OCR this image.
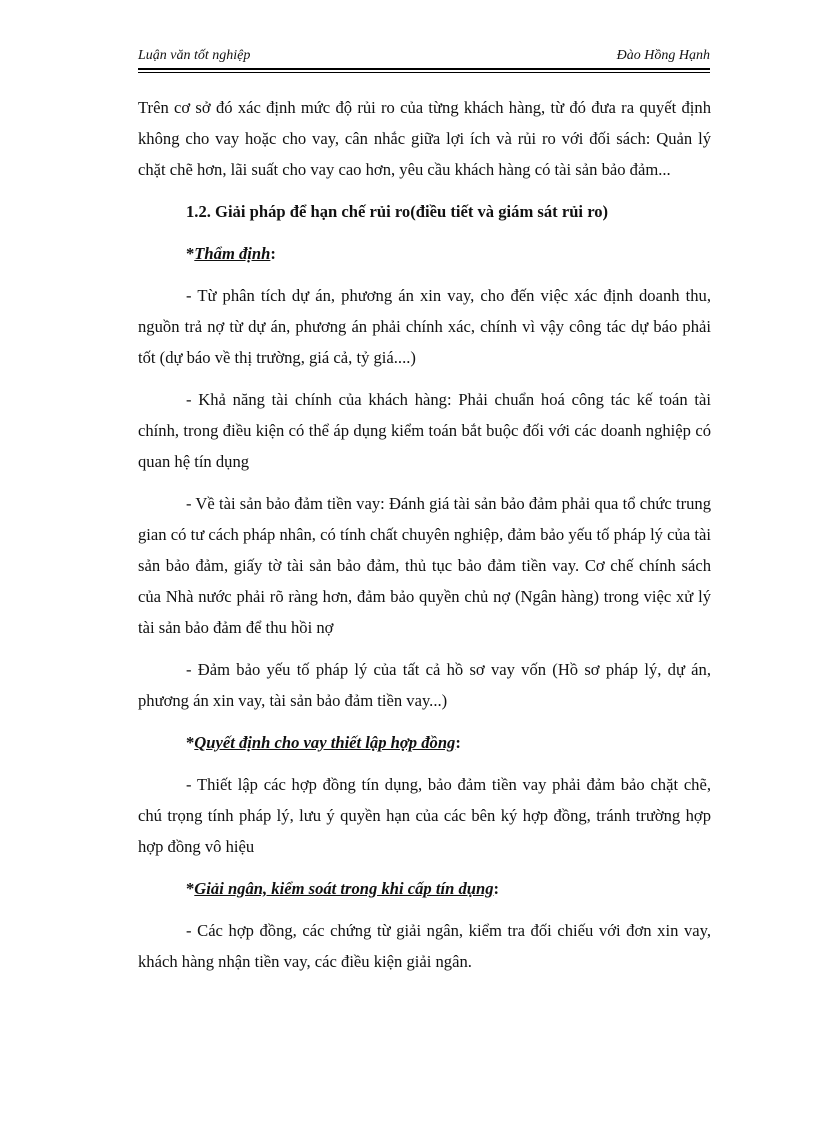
Luận văn tốt nghiệp	Đào Hồng Hạnh

Trên cơ sở đó xác định mức độ rủi ro của từng khách hàng, từ đó đưa ra quyết định không cho vay hoặc cho vay, cân nhắc giữa lợi ích và rủi ro với đối sách: Quản lý chặt chẽ hơn, lãi suất cho vay cao hơn, yêu cầu khách hàng có tài sản bảo đảm...

1.2. Giải pháp để hạn chế rủi ro(điều tiết và giám sát rủi ro)

*Thẩm định:

- Từ phân tích dự án, phương án xin vay, cho đến việc xác định doanh thu, nguồn trả nợ từ dự án, phương án phải chính xác, chính vì vậy công tác dự báo phải tốt (dự báo về thị trường, giá cả, tỷ giá....)

- Khả năng tài chính của khách hàng: Phải chuẩn hoá công tác kế toán tài chính, trong điều kiện có thể áp dụng kiểm toán bắt buộc đối với các doanh nghiệp có quan hệ tín dụng

- Về tài sản bảo đảm tiền vay: Đánh giá tài sản bảo đảm phải qua tổ chức trung gian có tư cách pháp nhân, có tính chất chuyên nghiệp, đảm bảo yếu tố pháp lý của tài sản bảo đảm, giấy tờ tài sản bảo đảm, thủ tục bảo đảm tiền vay. Cơ chế chính sách của Nhà nước phải rõ ràng hơn, đảm bảo quyền chủ nợ (Ngân hàng) trong việc xử lý tài sản bảo đảm để thu hồi nợ

- Đảm bảo yếu tố pháp lý của tất cả hồ sơ vay vốn (Hồ sơ pháp lý, dự án, phương án xin vay, tài sản bảo đảm tiền vay...)

*Quyết định cho vay thiết lập hợp đồng:

- Thiết lập các hợp đồng tín dụng, bảo đảm tiền vay phải đảm bảo chặt chẽ, chú trọng tính pháp lý, lưu ý quyền hạn của các bên ký hợp đồng, tránh trường hợp hợp đồng vô hiệu

*Giải ngân, kiểm soát trong khi cấp tín dụng:

- Các hợp đồng, các chứng từ giải ngân, kiểm tra đối chiếu với đơn xin vay, khách hàng nhận tiền vay, các điều kiện giải ngân.
